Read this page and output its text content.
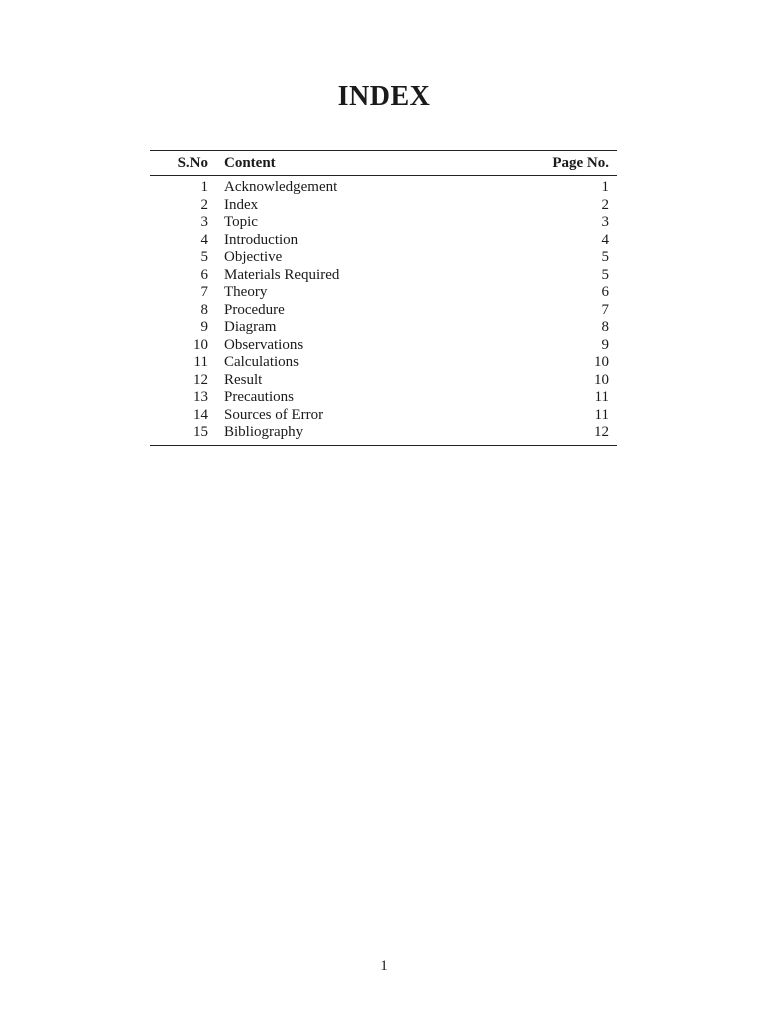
INDEX
S.No	Content	Page No.
1	Acknowledgement	1
2	Index	2
3	Topic	3
4	Introduction	4
5	Objective	5
6	Materials Required	5
7	Theory	6
8	Procedure	7
9	Diagram	8
10	Observations	9
11	Calculations	10
12	Result	10
13	Precautions	11
14	Sources of Error	11
15	Bibliography	12
1
